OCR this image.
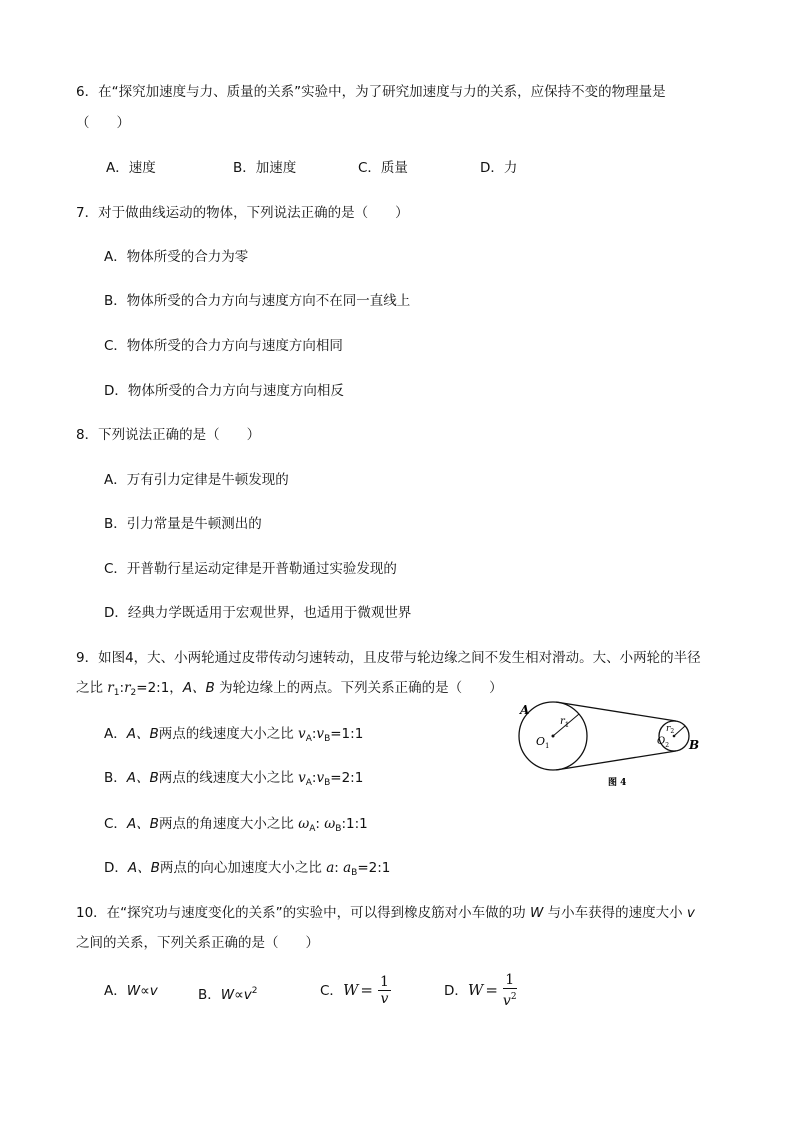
6．在“探究加速度与力、质量的关系”实验中，为了研究加速度与力的关系，应保持不变的物理量是
（　　）
A．速度	B．加速度	C．质量	D．力
7．对于做曲线运动的物体，下列说法正确的是（　　）
A．物体所受的合力为零
B．物体所受的合力方向与速度方向不在同一直线上
C．物体所受的合力方向与速度方向相同
D．物体所受的合力方向与速度方向相反
8．下列说法正确的是（　　）
A．万有引力定律是牛顿发现的
B．引力常量是牛顿测出的
C．开普勒行星运动定律是开普勒通过实验发现的
D．经典力学既适用于宏观世界，也适用于微观世界
9．如图4，大、小两轮通过皮带传动匀速转动，且皮带与轮边缘之间不发生相对滑动。大、小两轮的半径
之比 $r_1:r_2=2:1$，A、B 为轮边缘上的两点。下列关系正确的是（　　）
A．A、B两点的线速度大小之比 $v_A:v_B=1:1$
B．A、B两点的线速度大小之比 $v_A:v_B=2:1$
C．A、B两点的角速度大小之比 $\omega_A$: $\omega_B:1:1$
D．A、B两点的向心加速度大小之比 a: $a_B=2:1$
A
B
$r_1$
$O_1$
$r_2$
$O_2$
图 4
10．在“探究功与速度变化的关系”的实验中，可以得到橡皮筋对小车做的功 W 与小车获得的速度大小 v
之间的关系，下列关系正确的是（　　）
A．W∝v	B．$W\propto v^2$	C．$W = \frac{1}{v}$	D．$W = \frac{1}{v^2}$
